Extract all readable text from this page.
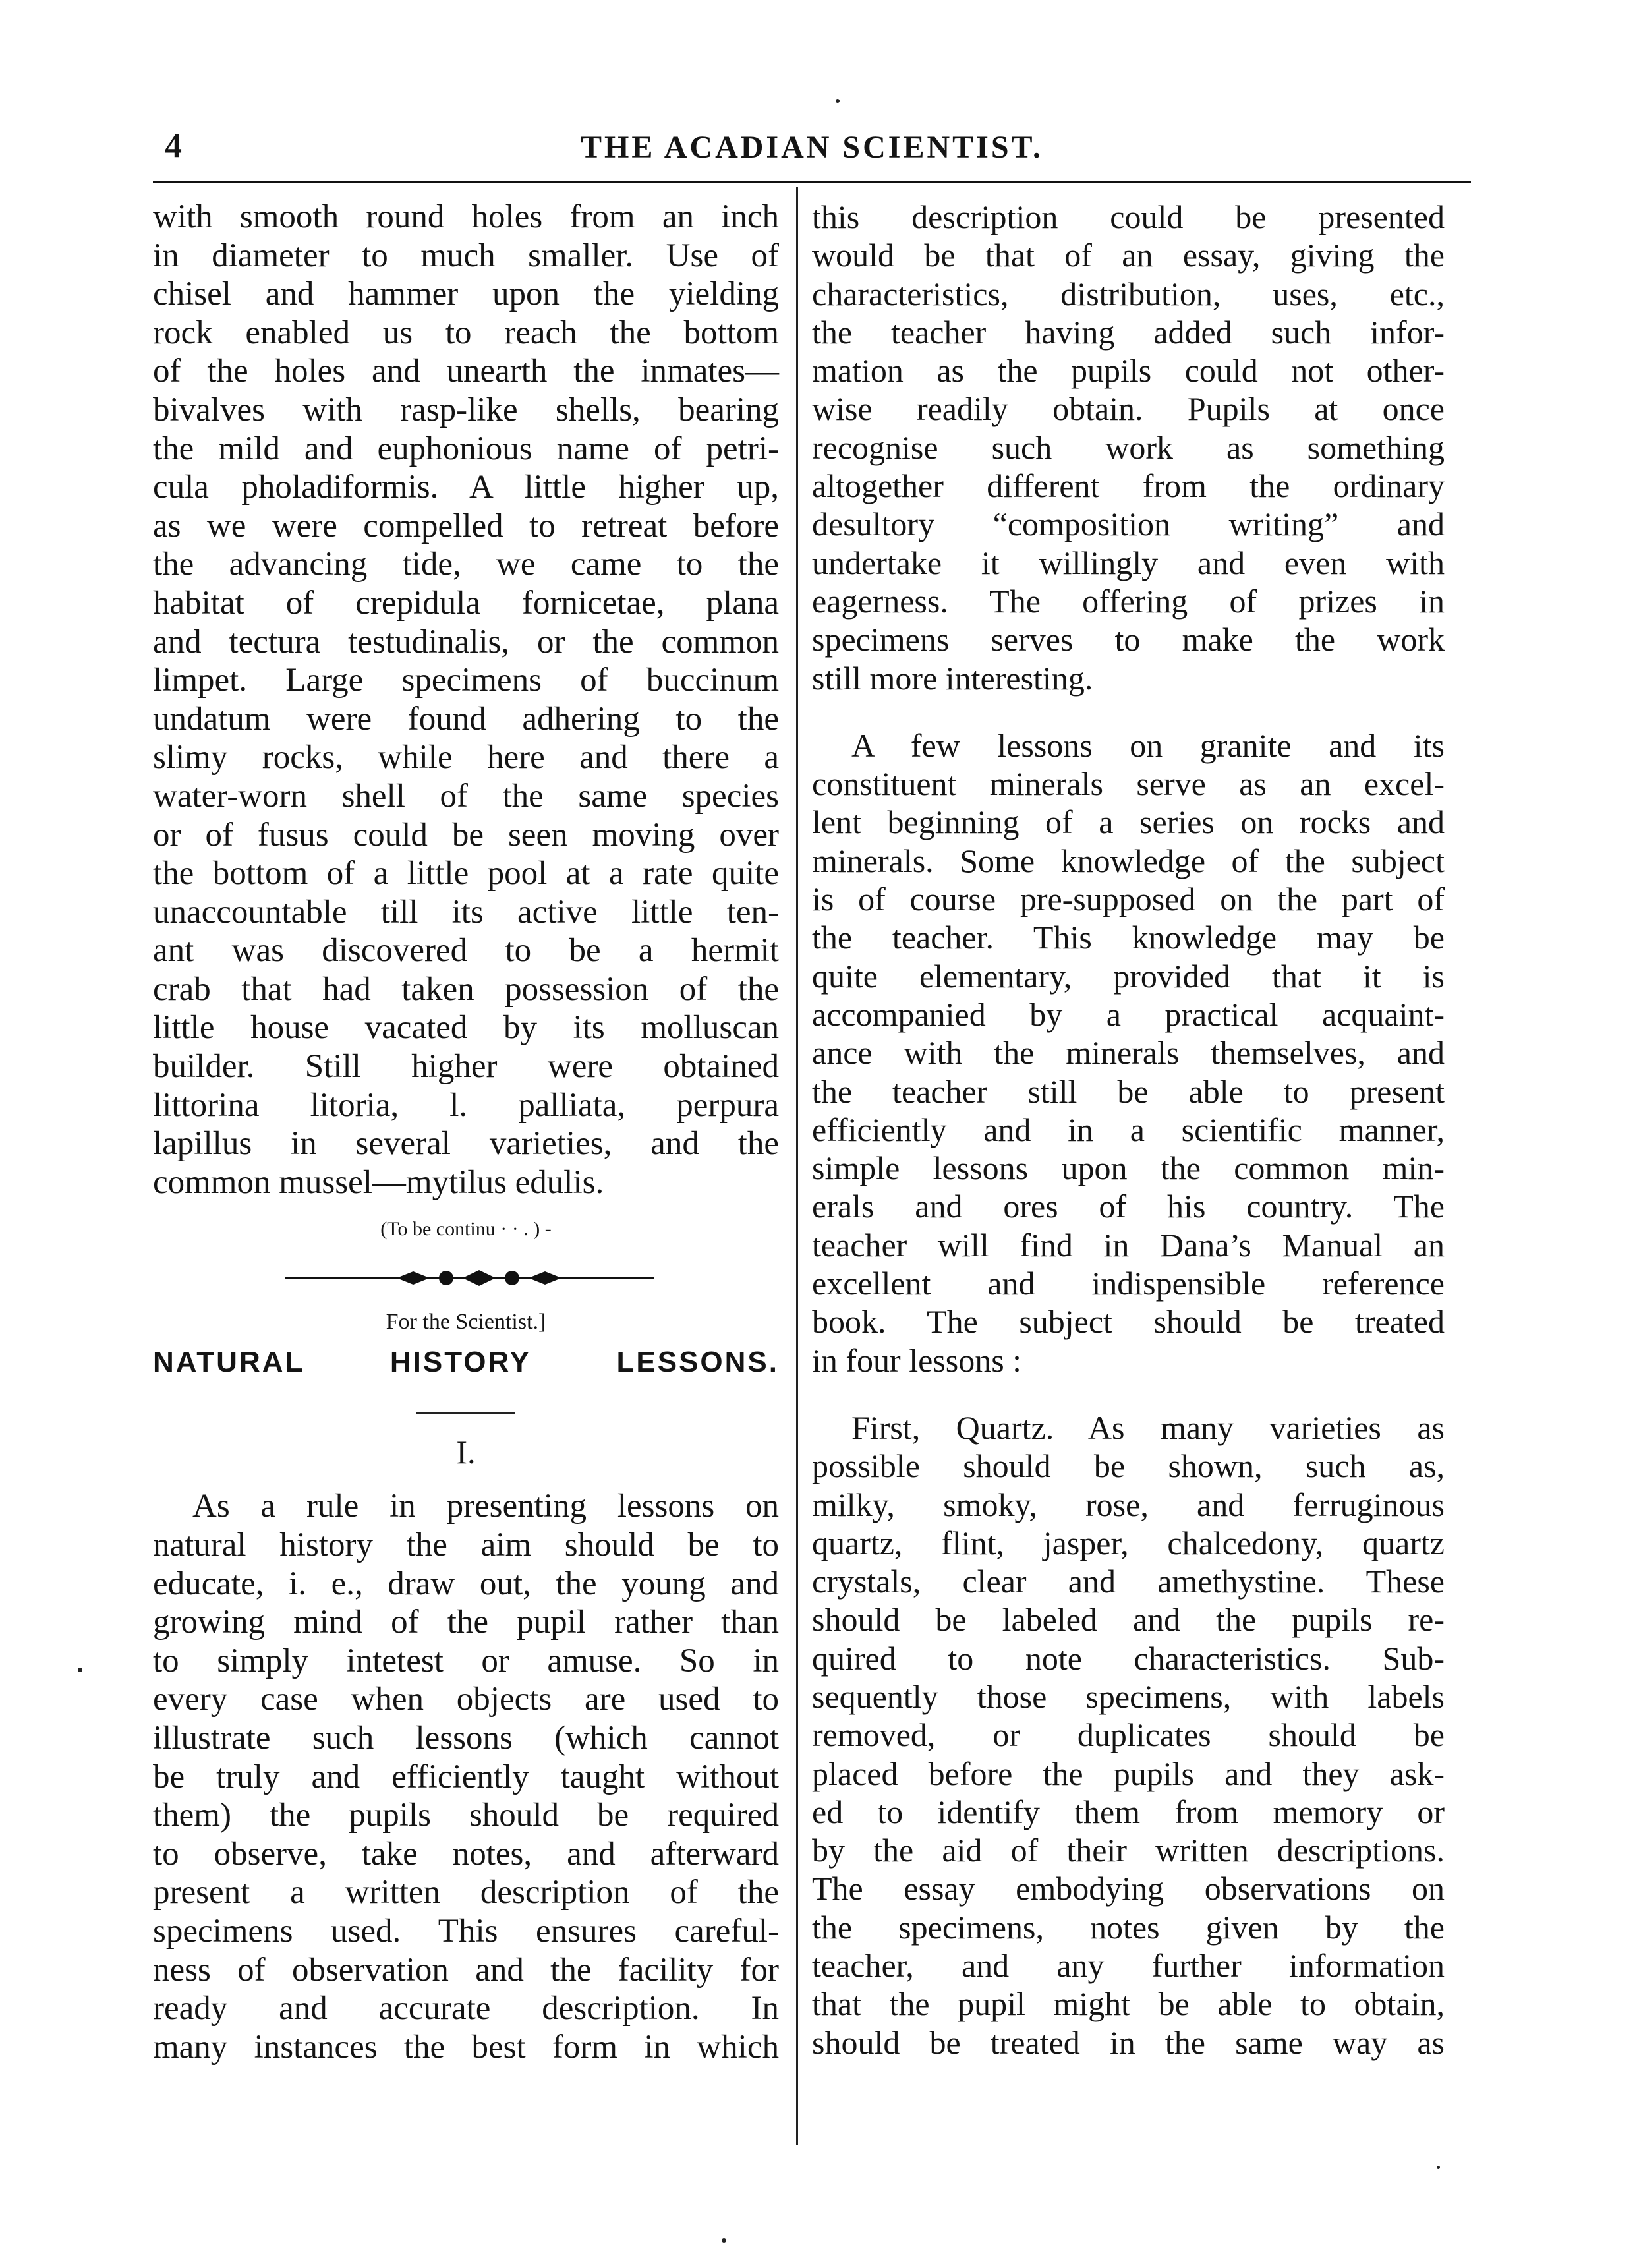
4	THE ACADIAN SCIENTIST.
with smooth round holes from an inch
in diameter to much smaller. Use of
chisel and hammer upon the yielding
rock enabled us to reach the bottom
of the holes and unearth the inmates—
bivalves with rasp-like shells, bearing
the mild and euphonious name of petri-
cula pholadiformis. A little higher up,
as we were compelled to retreat before
the advancing tide, we came to the
habitat of crepidula fornicetae, plana
and tectura testudinalis, or the common
limpet. Large specimens of buccinum
undatum were found adhering to the
slimy rocks, while here and there a
water-worn shell of the same species
or of fusus could be seen moving over
the bottom of a little pool at a rate quite
unaccountable till its active little ten-
ant was discovered to be a hermit
crab that had taken possession of the
little house vacated by its molluscan
builder. Still higher were obtained
littorina litoria, l. palliata, perpura
lapillus in several varieties, and the
common mussel—mytilus edulis.
(To be continu · · . ) -
For the Scientist.]
NATURAL HISTORY LESSONS.
I.
As a rule in presenting lessons on
natural history the aim should be to
educate, i. e., draw out, the young and
growing mind of the pupil rather than
to simply intetest or amuse. So in
every case when objects are used to
illustrate such lessons (which cannot
be truly and efficiently taught without
them) the pupils should be required
to observe, take notes, and afterward
present a written description of the
specimens used. This ensures careful-
ness of observation and the facility for
ready and accurate description. In
many instances the best form in which
this description could be presented
would be that of an essay, giving the
characteristics, distribution, uses, etc.,
the teacher having added such infor-
mation as the pupils could not other-
wise readily obtain. Pupils at once
recognise such work as something
altogether different from the ordinary
desultory “composition writing” and
undertake it willingly and even with
eagerness. The offering of prizes in
specimens serves to make the work
still more interesting.
A few lessons on granite and its
constituent minerals serve as an excel-
lent beginning of a series on rocks and
minerals. Some knowledge of the subject
is of course pre-supposed on the part of
the teacher. This knowledge may be
quite elementary, provided that it is
accompanied by a practical acquaint-
ance with the minerals themselves, and
the teacher still be able to present
efficiently and in a scientific manner,
simple lessons upon the common min-
erals and ores of his country. The
teacher will find in Dana’s Manual an
excellent and indispensible reference
book. The subject should be treated
in four lessons :
First, Quartz. As many varieties as
possible should be shown, such as,
milky, smoky, rose, and ferruginous
quartz, flint, jasper, chalcedony, quartz
crystals, clear and amethystine. These
should be labeled and the pupils re-
quired to note characteristics. Sub-
sequently those specimens, with labels
removed, or duplicates should be
placed before the pupils and they ask-
ed to identify them from memory or
by the aid of their written descriptions.
The essay embodying observations on
the specimens, notes given by the
teacher, and any further information
that the pupil might be able to obtain,
should be treated in the same way as
